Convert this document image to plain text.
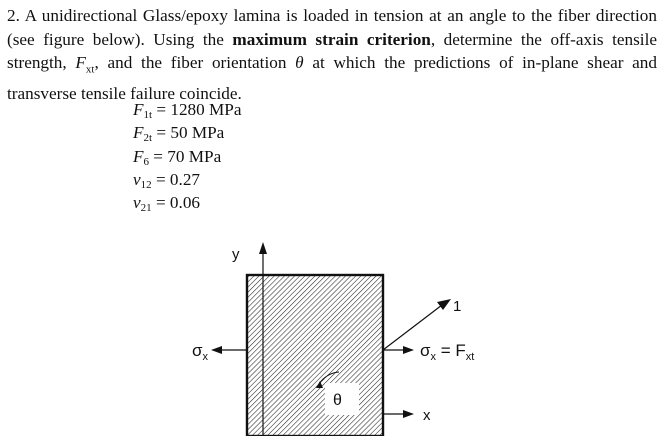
2. A unidirectional Glass/epoxy lamina is loaded in tension at an angle to the fiber direction (see figure below). Using the maximum strain criterion, determine the off-axis tensile strength, $F_{xt}$, and the fiber orientation θ at which the predictions of in-plane shear and transverse tensile failure coincide.
$F_{1t} = 1280$ MPa
$F_{2t} = 50$ MPa
$F_6 = 70$ MPa
$\nu_{12} = 0.27$
$\nu_{21} = 0.06$
y
1
θ
$\sigma_x$	$\sigma_x = F_{xt}$
x
